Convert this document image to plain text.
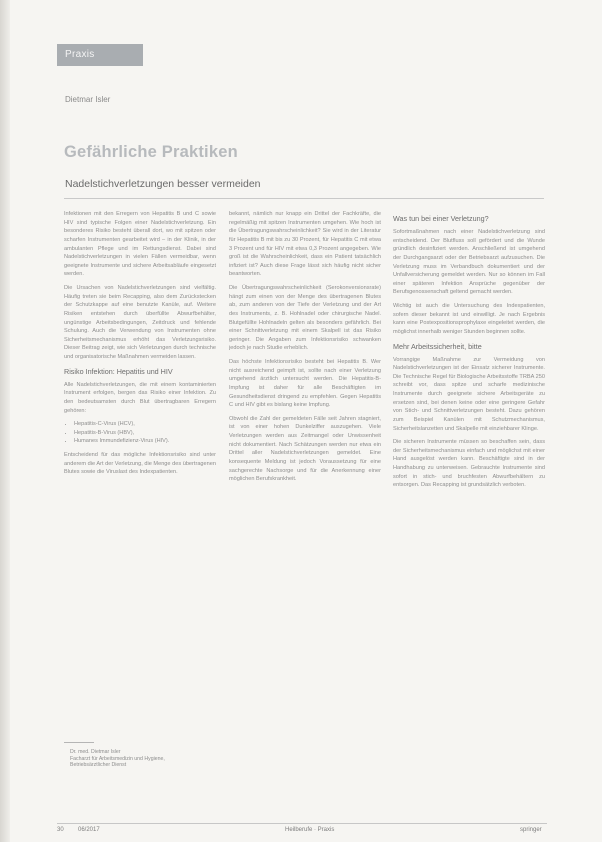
Praxis
Dietmar Isler
Gefährliche Praktiken
Nadelstichverletzungen besser vermeiden

Infektionen mit den Erregern von Hepatitis B und C sowie HIV sind typische Folgen einer Nadelstichverletzung. Ein besonderes Risiko besteht überall dort, wo mit spitzen oder scharfen Instrumenten gearbeitet wird – in der Klinik, in der ambulanten Pflege und im Rettungsdienst. Dabei sind Nadelstichverletzungen in vielen Fällen vermeidbar, wenn geeignete Instrumente und sichere Arbeitsabläufe eingesetzt werden.

Die Ursachen von Nadelstichverletzungen sind vielfältig. Häufig treten sie beim Recapping, also dem Zurückstecken der Schutzkappe auf eine benutzte Kanüle, auf. Weitere Risiken entstehen durch überfüllte Abwurfbehälter, ungünstige Arbeitsbedingungen, Zeitdruck und fehlende Schulung. Auch die Verwendung von Instrumenten ohne Sicherheitsmechanismus erhöht das Verletzungsrisiko. Dieser Beitrag zeigt, wie sich Verletzungen durch technische und organisatorische Maßnahmen vermeiden lassen.

Risiko Infektion: Hepatitis und HIV

Alle Nadelstichverletzungen, die mit einem kontaminierten Instrument erfolgen, bergen das Risiko einer Infektion. Zu den bedeutsamsten durch Blut übertragbaren Erregern gehören:

• Hepatitis-C-Virus (HCV),
• Hepatitis-B-Virus (HBV),
• Humanes Immundefizienz-Virus (HIV).

Entscheidend für das mögliche Infektionsrisiko sind unter anderem die Art der Verletzung, die Menge des übertragenen Blutes sowie die Viruslast des Indexpatienten.

bekannt, nämlich nur knapp ein Drittel der Fachkräfte, die regelmäßig mit spitzen Instrumenten umgehen. Wie hoch ist die Übertragungswahrscheinlichkeit? Sie wird in der Literatur für Hepatitis B mit bis zu 30 Prozent, für Hepatitis C mit etwa 3 Prozent und für HIV mit etwa 0,3 Prozent angegeben. Wie groß ist die Wahrscheinlichkeit, dass ein Patient tatsächlich infiziert ist? Auch diese Frage lässt sich häufig nicht sicher beantworten.

Die Übertragungswahrscheinlichkeit (Serokonversionsrate) hängt zum einen von der Menge des übertragenen Blutes ab, zum anderen von der Tiefe der Verletzung und der Art des Instruments, z. B. Hohlnadel oder chirurgische Nadel. Blutgefüllte Hohlnadeln gelten als besonders gefährlich. Bei einer Schnittverletzung mit einem Skalpell ist das Risiko geringer. Die Angaben zum Infektionsrisiko schwanken jedoch je nach Studie erheblich.

Das höchste Infektionsrisiko besteht bei Hepatitis B. Wer nicht ausreichend geimpft ist, sollte nach einer Verletzung umgehend ärztlich untersucht werden. Die Hepatitis-B-Impfung ist daher für alle Beschäftigten im Gesundheitsdienst dringend zu empfehlen. Gegen Hepatitis C und HIV gibt es bislang keine Impfung.

Obwohl die Zahl der gemeldeten Fälle seit Jahren stagniert, ist von einer hohen Dunkelziffer auszugehen. Viele Verletzungen werden aus Zeitmangel oder Unwissenheit nicht dokumentiert. Nach Schätzungen werden nur etwa ein Drittel aller Nadelstichverletzungen gemeldet. Eine konsequente Meldung ist jedoch Voraussetzung für eine sachgerechte Nachsorge und für die Anerkennung einer möglichen Berufskrankheit.

Was tun bei einer Verletzung?

Sofortmaßnahmen nach einer Nadelstichverletzung sind entscheidend. Der Blutfluss soll gefördert und die Wunde gründlich desinfiziert werden. Anschließend ist umgehend der Durchgangsarzt oder der Betriebsarzt aufzusuchen. Die Verletzung muss im Verbandbuch dokumentiert und der Unfallversicherung gemeldet werden. Nur so können im Fall einer späteren Infektion Ansprüche gegenüber der Berufsgenossenschaft geltend gemacht werden.

Wichtig ist auch die Untersuchung des Indexpatienten, sofern dieser bekannt ist und einwilligt. Je nach Ergebnis kann eine Postexpositionsprophylaxe eingeleitet werden, die möglichst innerhalb weniger Stunden beginnen sollte.

Mehr Arbeitssicherheit, bitte

Vorrangige Maßnahme zur Vermeidung von Nadelstichverletzungen ist der Einsatz sicherer Instrumente. Die Technische Regel für Biologische Arbeitsstoffe TRBA 250 schreibt vor, dass spitze und scharfe medizinische Instrumente durch geeignete sichere Arbeitsgeräte zu ersetzen sind, bei denen keine oder eine geringere Gefahr von Stich- und Schnittverletzungen besteht. Dazu gehören zum Beispiel Kanülen mit Schutzmechanismus, Sicherheitslanzetten und Skalpelle mit einziehbarer Klinge.

Die sicheren Instrumente müssen so beschaffen sein, dass der Sicherheitsmechanismus einfach und möglichst mit einer Hand ausgelöst werden kann. Beschäftigte sind in der Handhabung zu unterweisen. Gebrauchte Instrumente sind sofort in stich- und bruchfesten Abwurfbehältern zu entsorgen. Das Recapping ist grundsätzlich verboten.

Dr. med. Dietmar Isler
Facharzt für Arbeitsmedizin und Hygiene,
Betriebsärztlicher Dienst
30 06/2017	Heilberufe · Praxis	springer
